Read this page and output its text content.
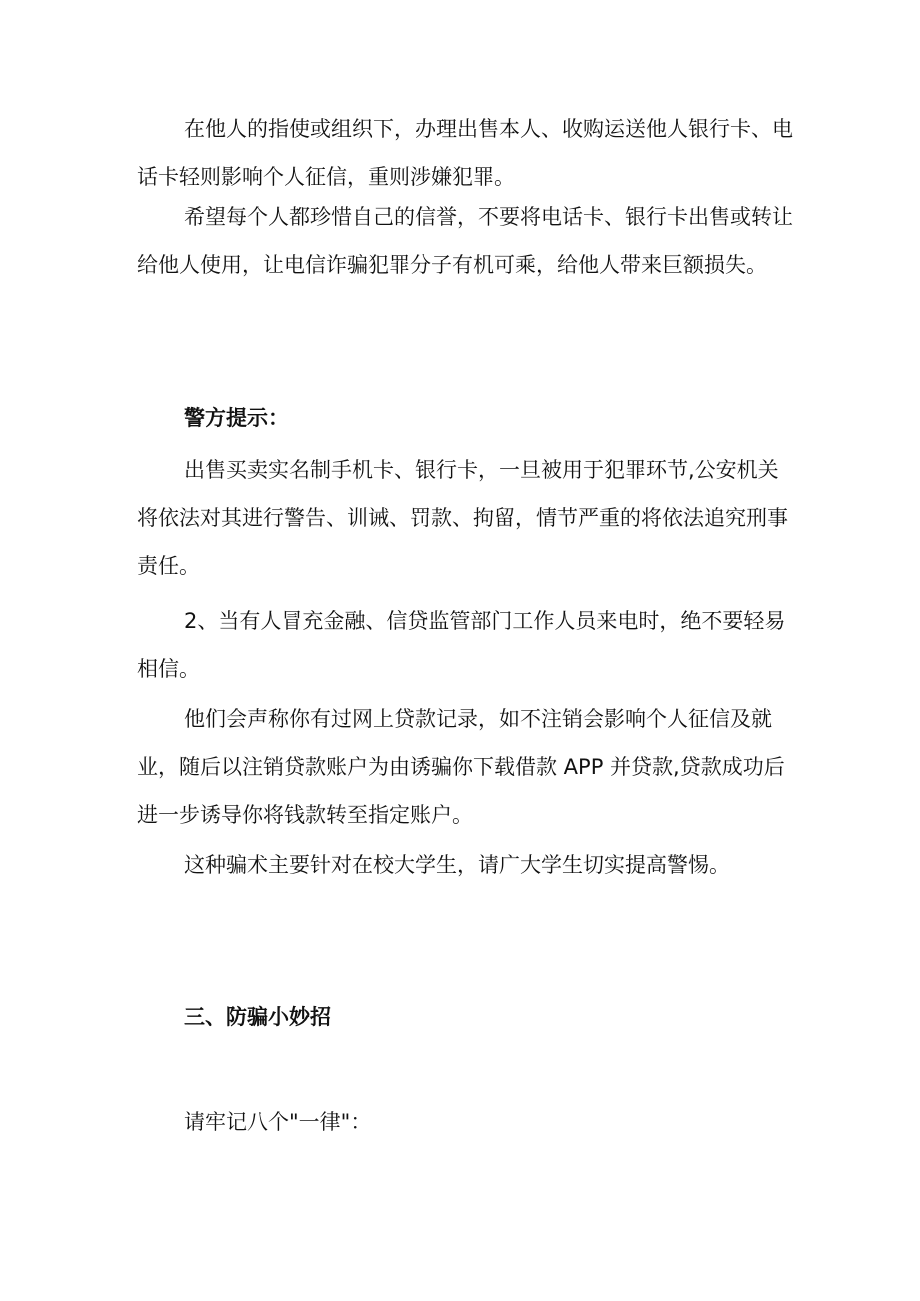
在他人的指使或组织下，办理出售本人、收购运送他人银行卡、电话卡轻则影响个人征信，重则涉嫌犯罪。

希望每个人都珍惜自己的信誉，不要将电话卡、银行卡出售或转让给他人使用，让电信诈骗犯罪分子有机可乘，给他人带来巨额损失。

警方提示：

出售买卖实名制手机卡、银行卡，一旦被用于犯罪环节,公安机关将依法对其进行警告、训诫、罚款、拘留，情节严重的将依法追究刑事责任。

2、当有人冒充金融、信贷监管部门工作人员来电时，绝不要轻易相信。

他们会声称你有过网上贷款记录，如不注销会影响个人征信及就业，随后以注销贷款账户为由诱骗你下载借款 APP 并贷款,贷款成功后进一步诱导你将钱款转至指定账户。

这种骗术主要针对在校大学生，请广大学生切实提高警惕。

三、防骗小妙招

请牢记八个"一律"：
